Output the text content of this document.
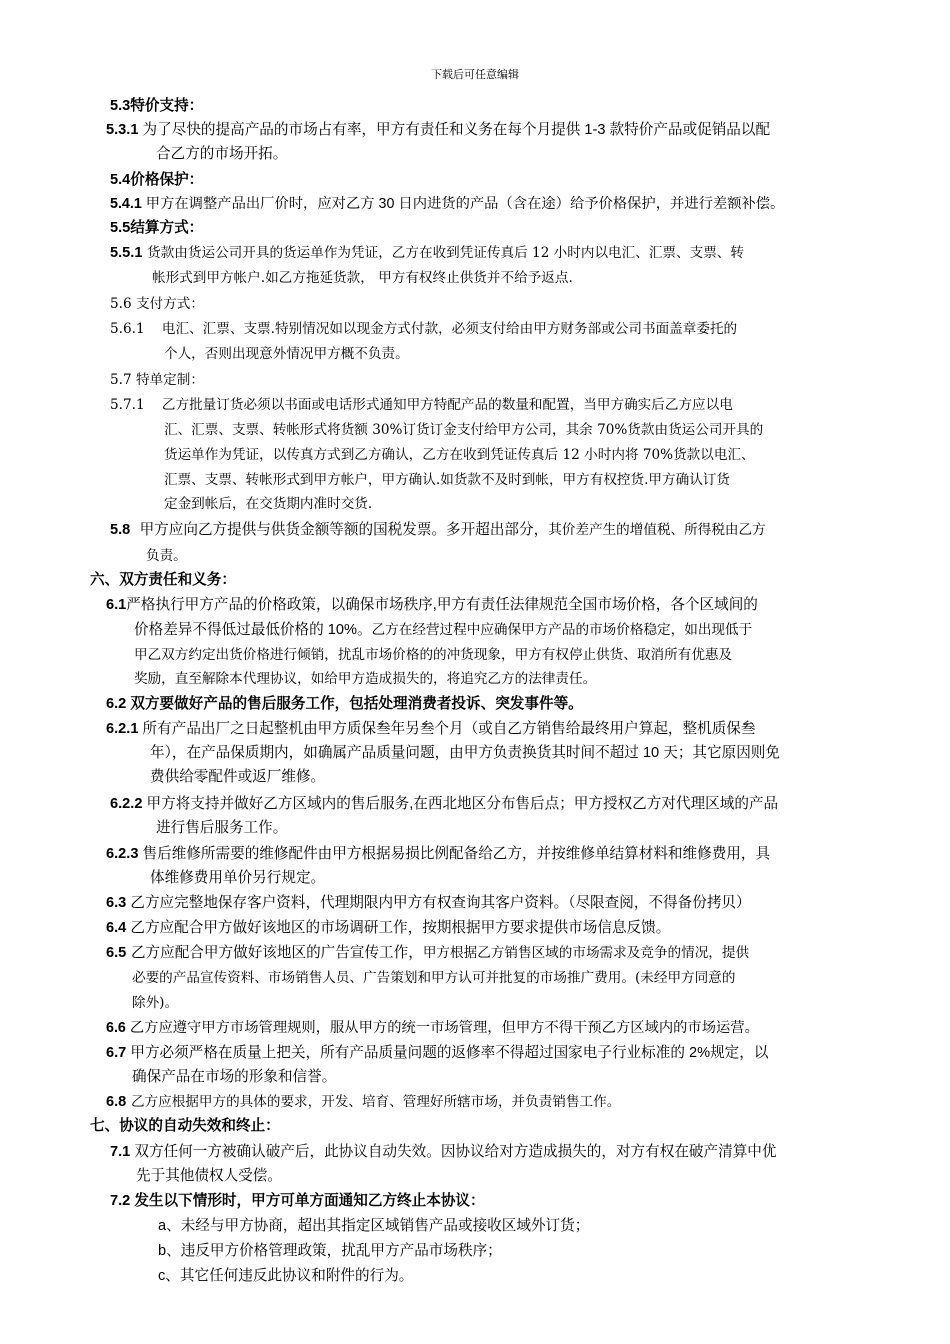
下载后可任意编辑
5.3特价支持：
5.3.1 为了尽快的提高产品的市场占有率，甲方有责任和义务在每个月提供 1-3 款特价产品或促销品以配
合乙方的市场开拓。
5.4价格保护：
5.4.1 甲方在调整产品出厂价时，应对乙方 30 日内进货的产品（含在途）给予价格保护，并进行差额补偿。
5.5结算方式：
5.5.1 货款由货运公司开具的货运单作为凭证，乙方在收到凭证传真后 12 小时内以电汇、汇票、支票、转
帐形式到甲方帐户.如乙方拖延货款， 甲方有权终止供货并不给予返点.
5.6 支付方式：
5.6.1 电汇、汇票、支票.特别情况如以现金方式付款，必须支付给由甲方财务部或公司书面盖章委托的
个人，否则出现意外情况甲方概不负责。
5.7 特单定制：
5.7.1 乙方批量订货必须以书面或电话形式通知甲方特配产品的数量和配置，当甲方确实后乙方应以电
汇、汇票、支票、转帐形式将货额 30%订货订金支付给甲方公司，其余 70%货款由货运公司开具的
货运单作为凭证，以传真方式到乙方确认，乙方在收到凭证传真后 12 小时内将 70%货款以电汇、
汇票、支票、转帐形式到甲方帐户，甲方确认.如货款不及时到帐，甲方有权控货.甲方确认订货
定金到帐后，在交货期内准时交货.
5.8 甲方应向乙方提供与供货金额等额的国税发票。多开超出部分，其价差产生的增值税、所得税由乙方
负责。
六、双方责任和义务：
6.1严格执行甲方产品的价格政策，以确保市场秩序,甲方有责任法律规范全国市场价格，各个区域间的
价格差异不得低过最低价格的 10%。乙方在经营过程中应确保甲方产品的市场价格稳定，如出现低于
甲乙双方约定出货价格进行倾销，扰乱市场价格的的冲货现象，甲方有权停止供货、取消所有优惠及
奖励，直至解除本代理协议，如给甲方造成损失的，将追究乙方的法律责任。
6.2 双方要做好产品的售后服务工作，包括处理消费者投诉、突发事件等。
6.2.1 所有产品出厂之日起整机由甲方质保叁年另叁个月（或自乙方销售给最终用户算起，整机质保叁
年），在产品保质期内，如确属产品质量问题，由甲方负责换货其时间不超过 10 天；其它原因则免
费供给零配件或返厂维修。
6.2.2 甲方将支持并做好乙方区域内的售后服务,在西北地区分布售后点；甲方授权乙方对代理区域的产品
进行售后服务工作。
6.2.3 售后维修所需要的维修配件由甲方根据易损比例配备给乙方，并按维修单结算材料和维修费用，具
体维修费用单价另行规定。
6.3 乙方应完整地保存客户资料，代理期限内甲方有权查询其客户资料。（尽限查阅，不得备份拷贝）
6.4 乙方应配合甲方做好该地区的市场调研工作，按期根据甲方要求提供市场信息反馈。
6.5 乙方应配合甲方做好该地区的广告宣传工作，甲方根据乙方销售区域的市场需求及竞争的情况，提供
必要的产品宣传资料、市场销售人员、广告策划和甲方认可并批复的市场推广费用。(未经甲方同意的
除外)。
6.6 乙方应遵守甲方市场管理规则，服从甲方的统一市场管理，但甲方不得干预乙方区域内的市场运营。
6.7 甲方必须严格在质量上把关，所有产品质量问题的返修率不得超过国家电子行业标准的 2%规定，以
确保产品在市场的形象和信誉。
6.8 乙方应根据甲方的具体的要求，开发、培育、管理好所辖市场，并负责销售工作。
七、协议的自动失效和终止：
7.1 双方任何一方被确认破产后，此协议自动失效。因协议给对方造成损失的，对方有权在破产清算中优
先于其他债权人受偿。
7.2 发生以下情形时，甲方可单方面通知乙方终止本协议：
a、未经与甲方协商，超出其指定区域销售产品或接收区域外订货；
b、违反甲方价格管理政策，扰乱甲方产品市场秩序；
c、其它任何违反此协议和附件的行为。
